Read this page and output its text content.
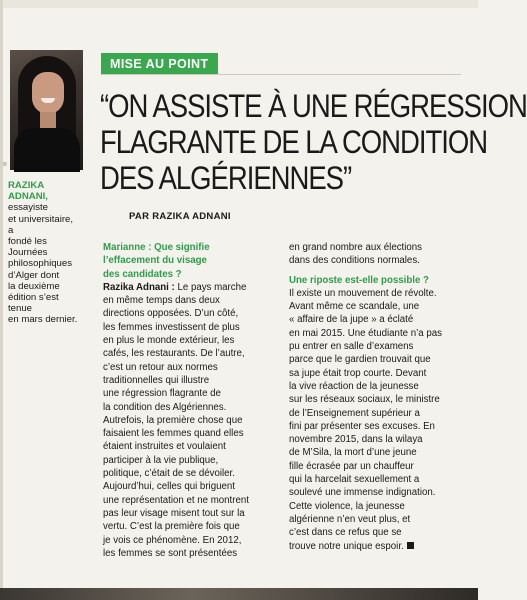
©
RAZIKA ADNANI,
essayiste
et universitaire, a
fondé les Journées
philosophiques
d’Alger dont
la deuxième
édition s’est tenue
en mars dernier.
MISE AU POINT
“ON ASSISTE À UNE RÉGRESSION
FLAGRANTE DE LA CONDITION
DES ALGÉRIENNES”
PAR RAZIKA ADNANI

Marianne : Que signifie

l’effacement du visage

des candidates ?

Razika Adnani : Le pays marche

en même temps dans deux

directions opposées. D’un côté,

les femmes investissent de plus

en plus le monde extérieur, les

cafés, les restaurants. De l’autre,

c’est un retour aux normes

traditionnelles qui illustre

une régression flagrante de

la condition des Algériennes.

Autrefois, la première chose que

faisaient les femmes quand elles

étaient instruites et voulaient

participer à la vie publique,

politique, c’était de se dévoiler.

Aujourd’hui, celles qui briguent

une représentation et ne montrent

pas leur visage misent tout sur la

vertu. C’est la première fois que

je vois ce phénomène. En 2012,

les femmes se sont présentées

en grand nombre aux élections

dans des conditions normales.

Une riposte est-elle possible ?

Il existe un mouvement de révolte.

Avant même ce scandale, une

« affaire de la jupe » a éclaté

en mai 2015. Une étudiante n’a pas

pu entrer en salle d’examens

parce que le gardien trouvait que

sa jupe était trop courte. Devant

la vive réaction de la jeunesse

sur les réseaux sociaux, le ministre

de l’Enseignement supérieur a

fini par présenter ses excuses. En

novembre 2015, dans la wilaya

de M’Sila, la mort d’une jeune

fille écrasée par un chauffeur

qui la harcelait sexuellement a

soulevé une immense indignation.

Cette violence, la jeunesse

algérienne n’en veut plus, et

c’est dans ce refus que se

trouve notre unique espoir.
